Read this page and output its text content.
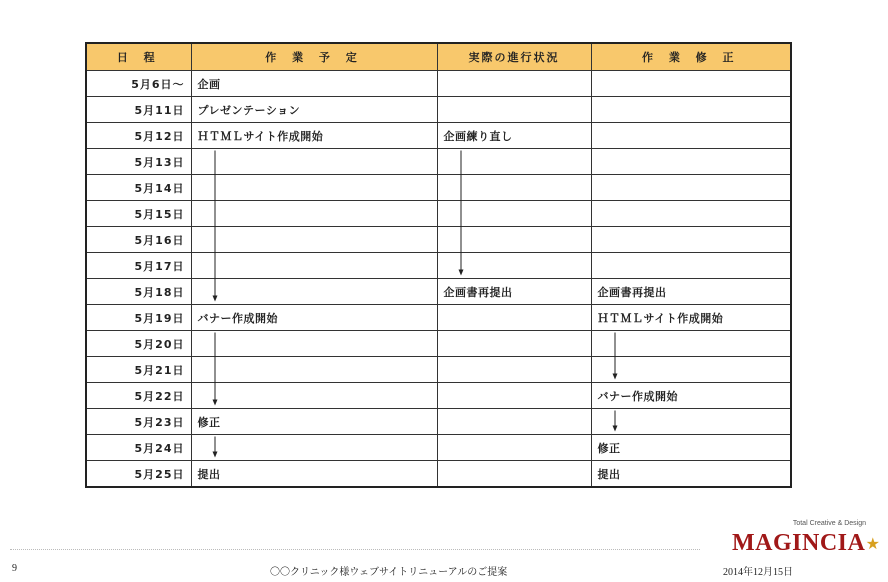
日 程	作 業 予 定	実際の進行状況	作 業 修 正
5月6日～	企画		
5月11日	プレゼンテーション		
5月12日	ＨＴＭＬサイト作成開始	企画練り直し	
5月13日			
5月14日			
5月15日			
5月16日			
5月17日			
5月18日		企画書再提出	企画書再提出
5月19日	バナー作成開始		ＨＴＭＬサイト作成開始
5月20日			
5月21日			
5月22日			バナー作成開始
5月23日	修正		
5月24日			修正
5月25日	提出		提出
9	〇〇クリニック様ウェブサイトリニューアルのご提案	2014年12月15日
Total Creative & Design
MAGINCIA ★
